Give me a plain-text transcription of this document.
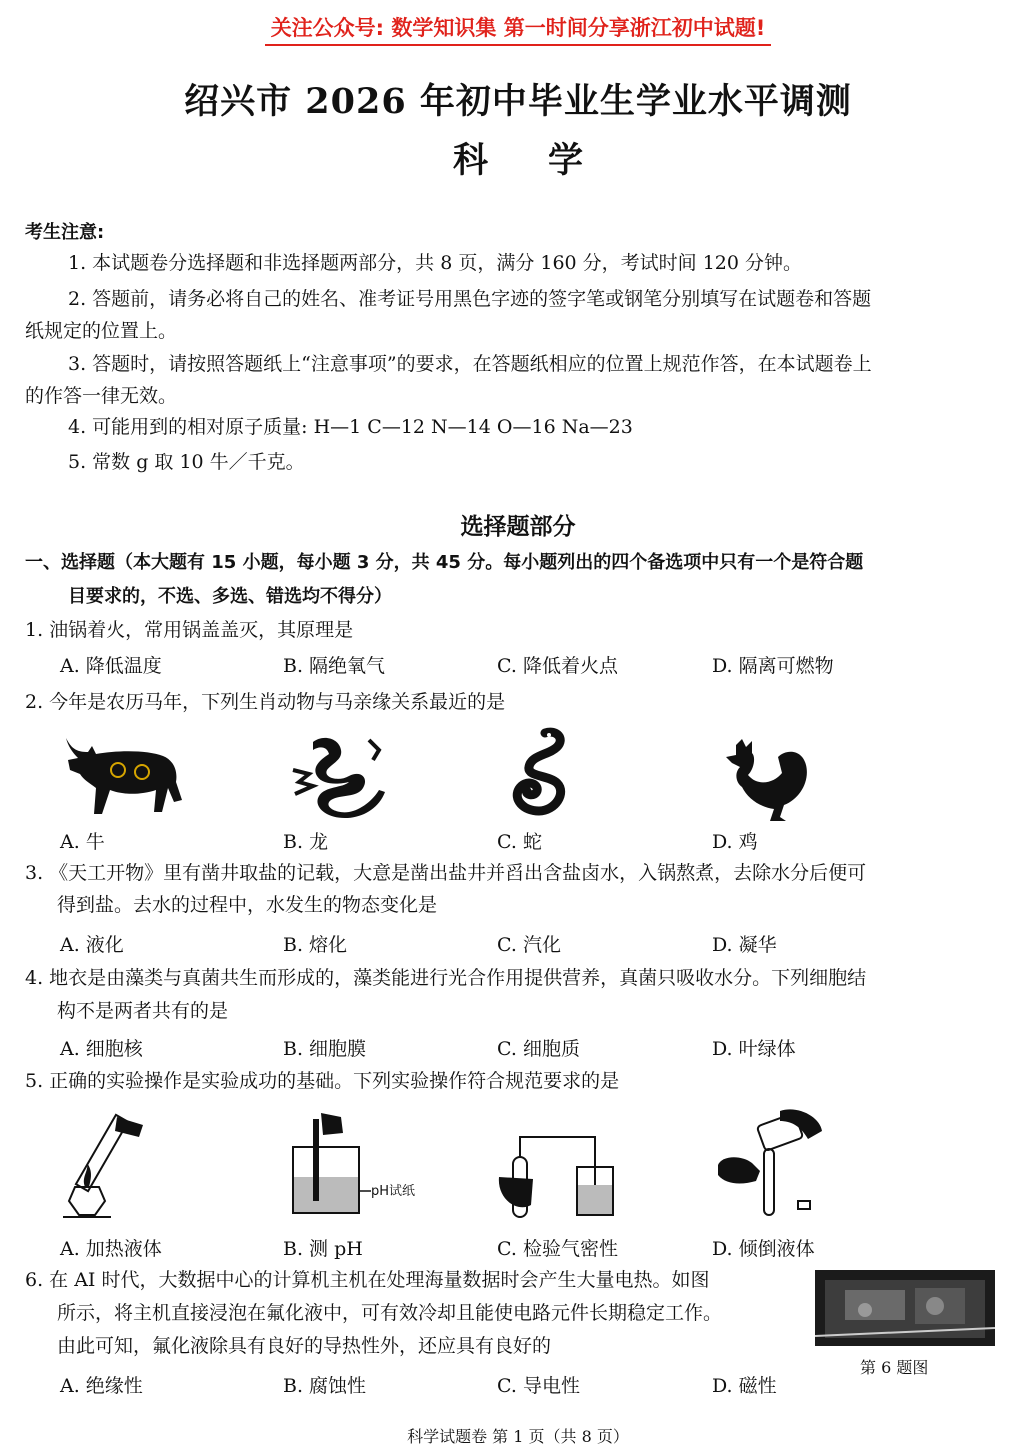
关注公众号: 数学知识集 第一时间分享浙江初中试题!
绍兴市 2026 年初中毕业生学业水平调测
科学
考生注意:
1. 本试题卷分选择题和非选择题两部分，共 8 页，满分 160 分，考试时间 120 分钟。
2. 答题前，请务必将自己的姓名、准考证号用黑色字迹的签字笔或钢笔分别填写在试题卷和答题
纸规定的位置上。
3. 答题时，请按照答题纸上“注意事项”的要求，在答题纸相应的位置上规范作答，在本试题卷上
的作答一律无效。
4. 可能用到的相对原子质量: H—1 C—12 N—14 O—16 Na—23
5. 常数 g 取 10 牛／千克。
选择题部分
一、选择题（本大题有 15 小题，每小题 3 分，共 45 分。每小题列出的四个备选项中只有一个是符合题
目要求的，不选、多选、错选均不得分）
1. 油锅着火，常用锅盖盖灭，其原理是
A. 降低温度	B. 隔绝氧气	C. 降低着火点	D. 隔离可燃物
2. 今年是农历马年，下列生肖动物与马亲缘关系最近的是
A. 牛	B. 龙	C. 蛇	D. 鸡
3. 《天工开物》里有凿井取盐的记载，大意是凿出盐井并舀出含盐卤水，入锅熬煮，去除水分后便可
得到盐。去水的过程中，水发生的物态变化是
A. 液化	B. 熔化	C. 汽化	D. 凝华
4. 地衣是由藻类与真菌共生而形成的，藻类能进行光合作用提供营养，真菌只吸收水分。下列细胞结
构不是两者共有的是
A. 细胞核	B. 细胞膜	C. 细胞质	D. 叶绿体
5. 正确的实验操作是实验成功的基础。下列实验操作符合规范要求的是
pH试纸
A. 加热液体	B. 测 pH	C. 检验气密性	D. 倾倒液体
6. 在 AI 时代，大数据中心的计算机主机在处理海量数据时会产生大量电热。如图
所示，将主机直接浸泡在氟化液中，可有效冷却且能使电路元件长期稳定工作。
由此可知，氟化液除具有良好的导热性外，还应具有良好的
第 6 题图
A. 绝缘性	B. 腐蚀性	C. 导电性	D. 磁性
科学试题卷 第 1 页（共 8 页）
